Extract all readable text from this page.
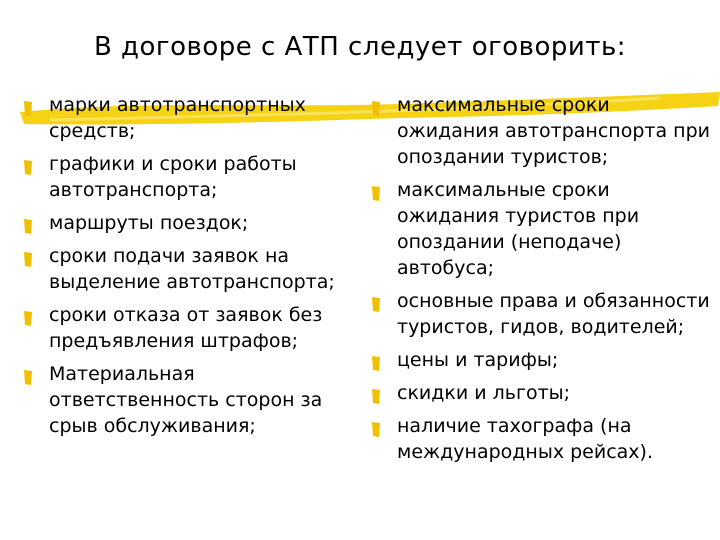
В договоре с АТП следует оговорить:
марки автотранспортных средств;
графики и сроки работы автотранспорта;
маршруты поездок;
сроки подачи заявок на выделение автотранспорта;
сроки отказа от заявок без предъявления штрафов;
Материальная ответственность сторон за срыв обслуживания;
максимальные сроки ожидания автотранспорта при опоздании туристов;
максимальные сроки ожидания туристов при опоздании (неподаче) автобуса;
основные права и обязанности туристов, гидов, водителей;
цены и тарифы;
скидки и льготы;
наличие тахографа (на международных рейсах).
